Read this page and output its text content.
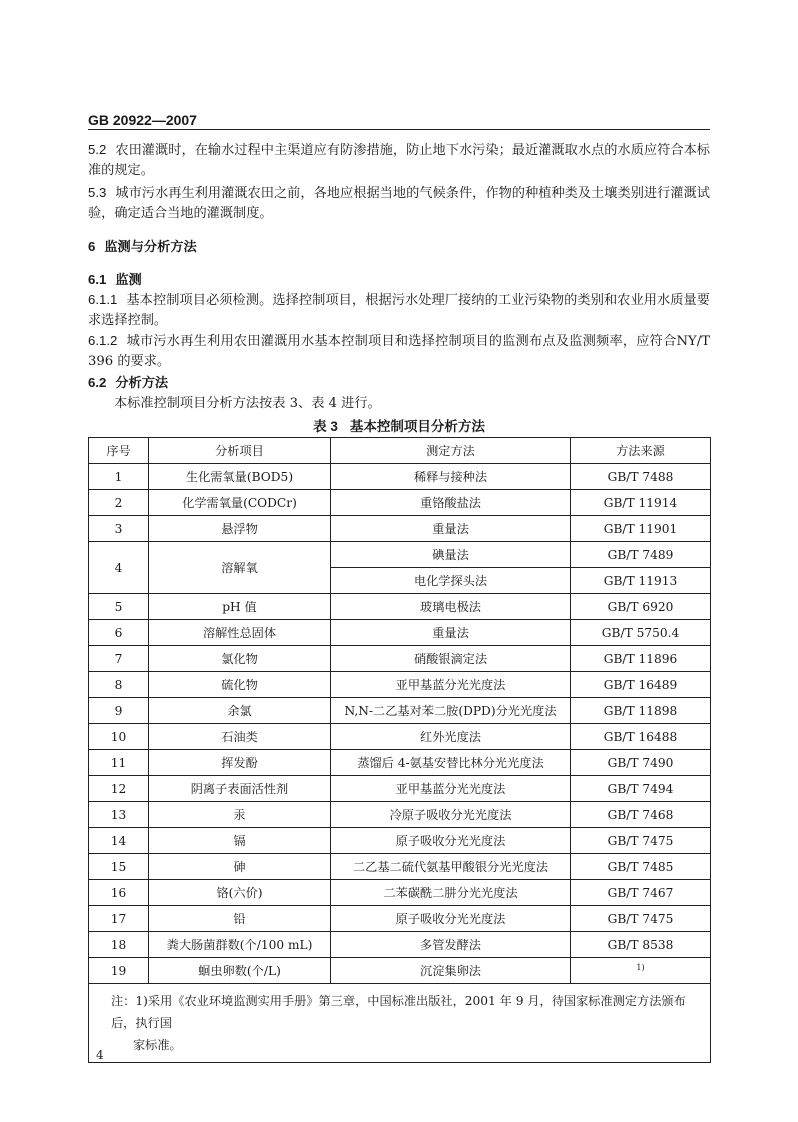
GB 20922—2007
5.2 农田灌溉时，在输水过程中主渠道应有防渗措施，防止地下水污染；最近灌溉取水点的水质应符合本标准的规定。
5.3 城市污水再生利用灌溉农田之前，各地应根据当地的气候条件，作物的种植种类及土壤类别进行灌溉试验，确定适合当地的灌溉制度。
6 监测与分析方法
6.1 监测
6.1.1 基本控制项目必须检测。选择控制项目，根据污水处理厂接纳的工业污染物的类别和农业用水质量要求选择控制。
6.1.2 城市污水再生利用农田灌溉用水基本控制项目和选择控制项目的监测布点及监测频率，应符合NY/T 396 的要求。
6.2 分析方法
本标准控制项目分析方法按表 3、表 4 进行。
表 3 基本控制项目分析方法
序号	分析项目	测定方法	方法来源
1	生化需氧量(BOD5)	稀释与接种法	GB/T 7488
2	化学需氧量(CODCr)	重铬酸盐法	GB/T 11914
3	悬浮物	重量法	GB/T 11901
4	溶解氧	碘量法	GB/T 7489
		电化学探头法	GB/T 11913
5	pH 值	玻璃电极法	GB/T 6920
6	溶解性总固体	重量法	GB/T 5750.4
7	氯化物	硝酸银滴定法	GB/T 11896
8	硫化物	亚甲基蓝分光光度法	GB/T 16489
9	余氯	N,N-二乙基对苯二胺(DPD)分光光度法	GB/T 11898
10	石油类	红外光度法	GB/T 16488
11	挥发酚	蒸馏后 4-氨基安替比林分光光度法	GB/T 7490
12	阴离子表面活性剂	亚甲基蓝分光光度法	GB/T 7494
13	汞	冷原子吸收分光光度法	GB/T 7468
14	镉	原子吸收分光光度法	GB/T 7475
15	砷	二乙基二硫代氨基甲酸银分光光度法	GB/T 7485
16	铬(六价)	二苯碳酰二肼分光光度法	GB/T 7467
17	铅	原子吸收分光光度法	GB/T 7475
18	粪大肠菌群数(个/100 mL)	多管发酵法	GB/T 8538
19	蛔虫卵数(个/L)	沉淀集卵法	$^{1)}$
注：1)采用《农业环境监测实用手册》第三章，中国标准出版社，2001 年 9 月，待国家标准测定方法颁布后，执行国
家标准。			
4
